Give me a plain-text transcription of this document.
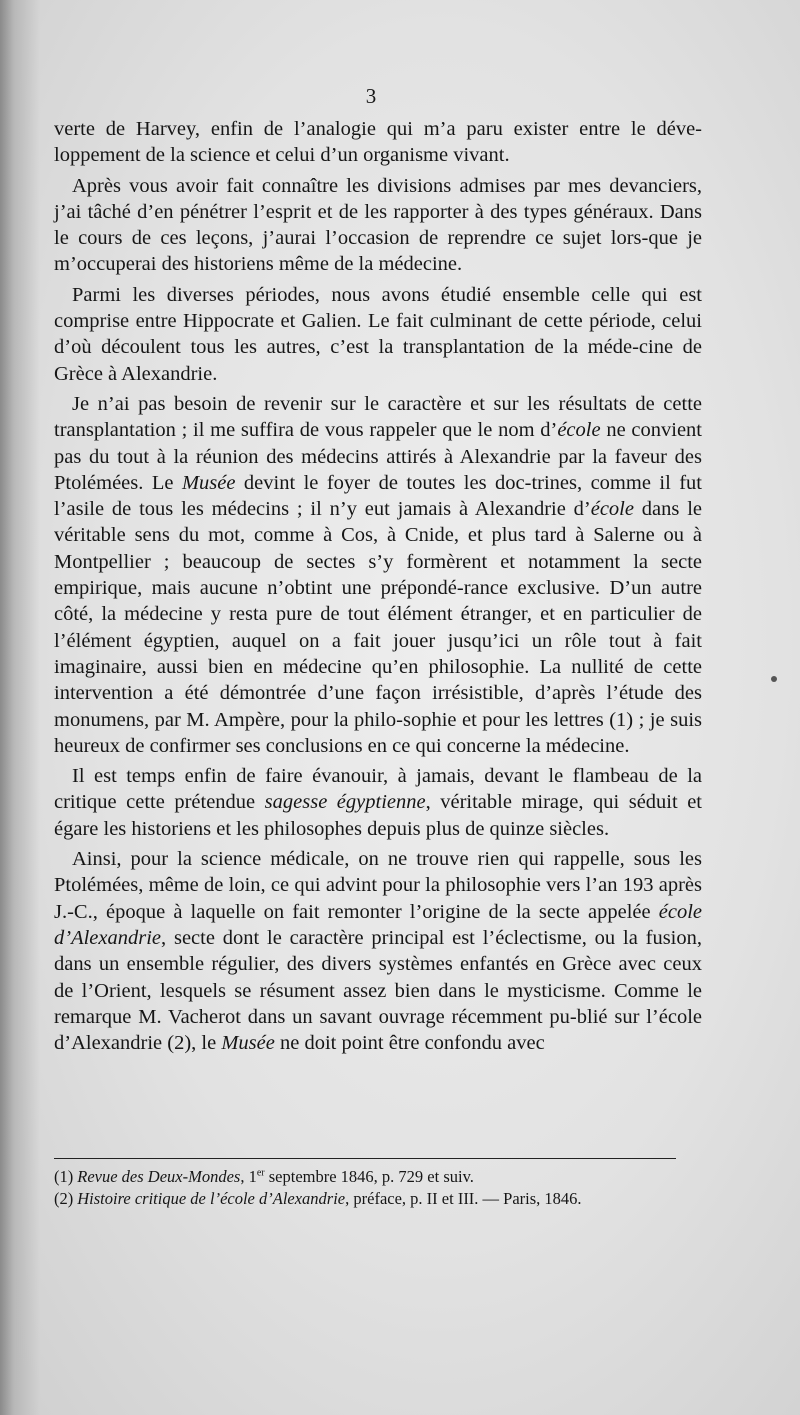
3

verte de Harvey, enfin de l’analogie qui m’a paru exister entre le déve-loppement de la science et celui d’un organisme vivant.

Après vous avoir fait connaître les divisions admises par mes devanciers, j’ai tâché d’en pénétrer l’esprit et de les rapporter à des types généraux. Dans le cours de ces leçons, j’aurai l’occasion de reprendre ce sujet lors-que je m’occuperai des historiens même de la médecine.

Parmi les diverses périodes, nous avons étudié ensemble celle qui est comprise entre Hippocrate et Galien. Le fait culminant de cette période, celui d’où découlent tous les autres, c’est la transplantation de la méde-cine de Grèce à Alexandrie.

Je n’ai pas besoin de revenir sur le caractère et sur les résultats de cette transplantation ; il me suffira de vous rappeler que le nom d’école ne convient pas du tout à la réunion des médecins attirés à Alexandrie par la faveur des Ptolémées. Le Musée devint le foyer de toutes les doc-trines, comme il fut l’asile de tous les médecins ; il n’y eut jamais à Alexandrie d’école dans le véritable sens du mot, comme à Cos, à Cnide, et plus tard à Salerne ou à Montpellier ; beaucoup de sectes s’y formèrent et notamment la secte empirique, mais aucune n’obtint une prépondé-rance exclusive. D’un autre côté, la médecine y resta pure de tout élément étranger, et en particulier de l’élément égyptien, auquel on a fait jouer jusqu’ici un rôle tout à fait imaginaire, aussi bien en médecine qu’en philosophie. La nullité de cette intervention a été démontrée d’une façon irrésistible, d’après l’étude des monumens, par M. Ampère, pour la philo-sophie et pour les lettres (1) ; je suis heureux de confirmer ses conclusions en ce qui concerne la médecine.

Il est temps enfin de faire évanouir, à jamais, devant le flambeau de la critique cette prétendue sagesse égyptienne, véritable mirage, qui séduit et égare les historiens et les philosophes depuis plus de quinze siècles.

Ainsi, pour la science médicale, on ne trouve rien qui rappelle, sous les Ptolémées, même de loin, ce qui advint pour la philosophie vers l’an 193 après J.-C., époque à laquelle on fait remonter l’origine de la secte appelée école d’Alexandrie, secte dont le caractère principal est l’éclectisme, ou la fusion, dans un ensemble régulier, des divers systèmes enfantés en Grèce avec ceux de l’Orient, lesquels se résument assez bien dans le mysticisme. Comme le remarque M. Vacherot dans un savant ouvrage récemment pu-blié sur l’école d’Alexandrie (2), le Musée ne doit point être confondu avec

(1) Revue des Deux-Mondes, 1er septembre 1846, p. 729 et suiv.

(2) Histoire critique de l’école d’Alexandrie, préface, p. II et III. — Paris, 1846.
